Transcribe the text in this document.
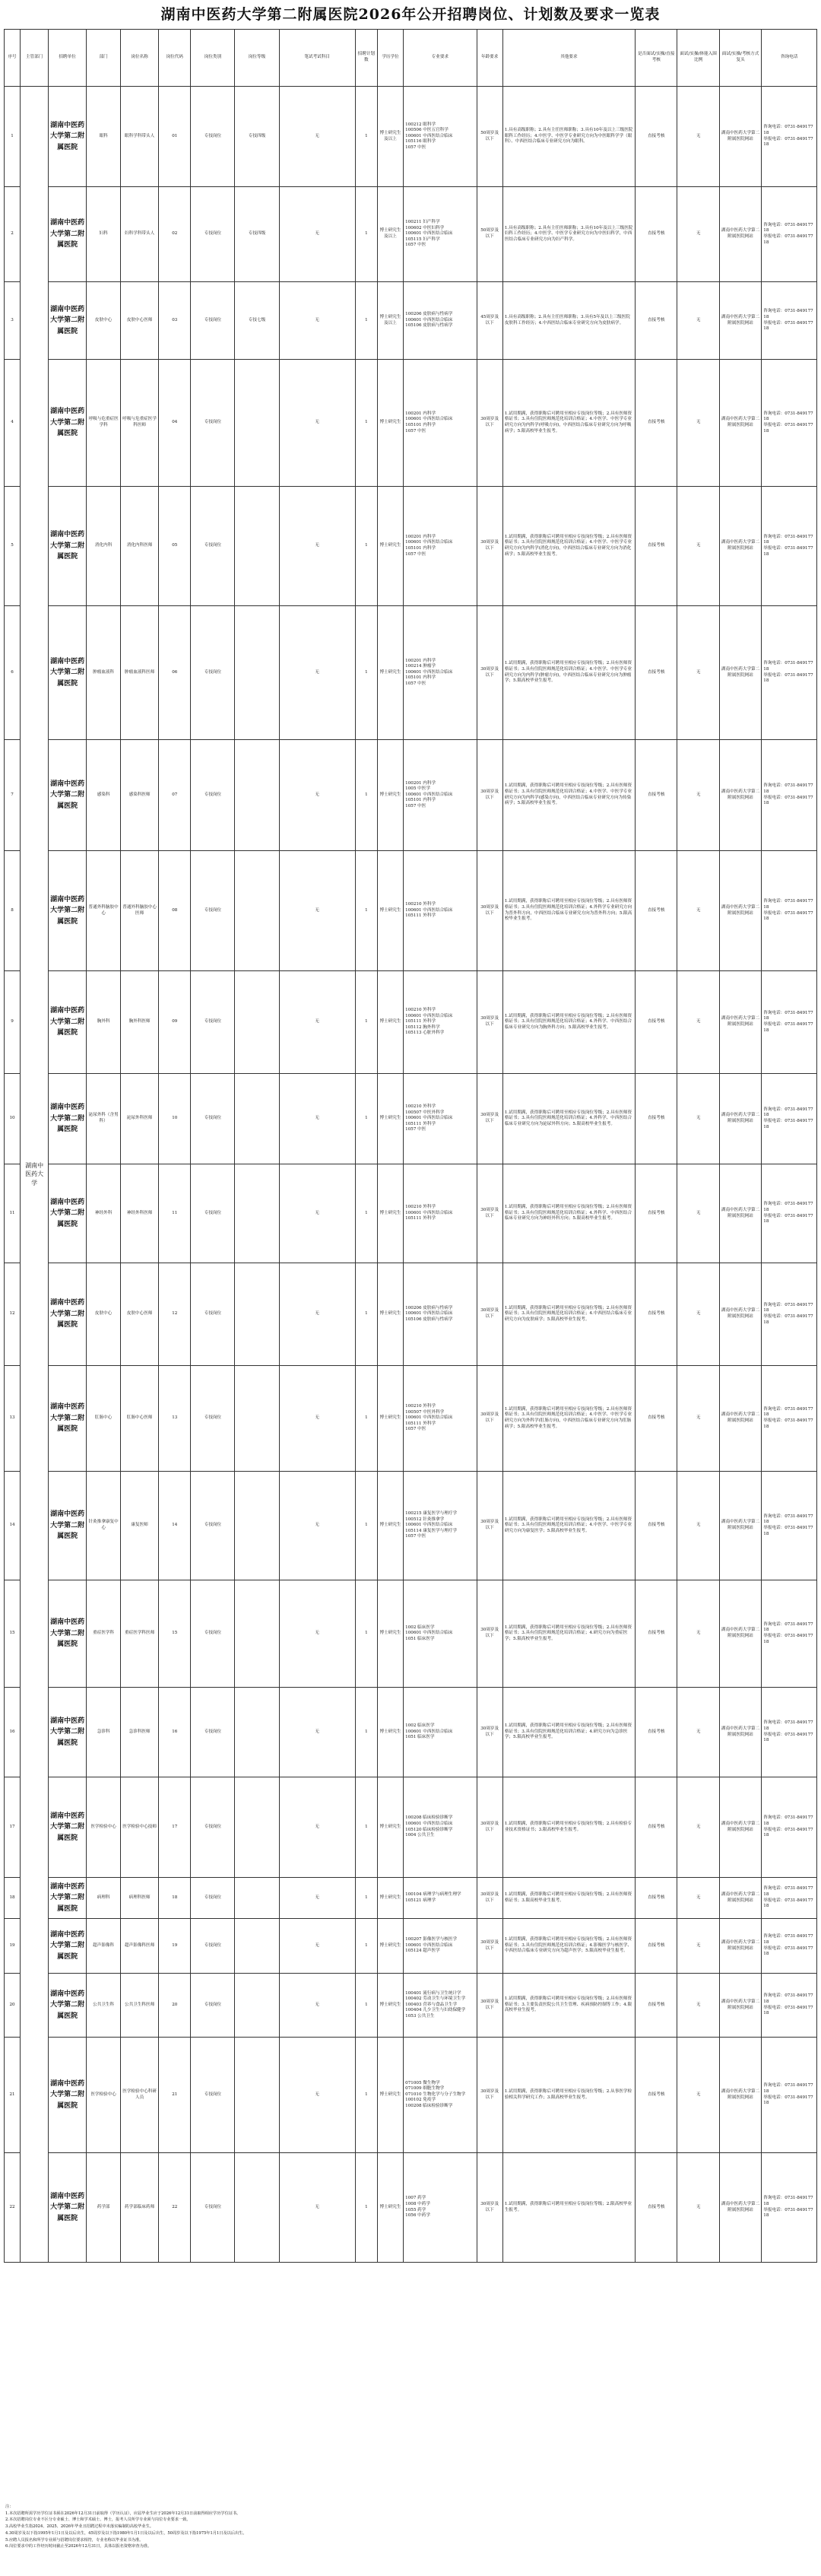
湖南中医药大学第二附属医院2026年公开招聘岗位、计划数及要求一览表
序号	主管部门	招聘单位	部门	岗位名称	岗位代码	岗位类别	岗位等级	笔试考试科目	招聘计划数	学历学位	专业要求	年龄要求	其他要求	是否面试/实操/直接考核	面试/实操/体能入围比例	面试/实操/考核方式复头	咨询电话
1	湖南中医药大学	湖南中医药大学第二附属医院	眼科	眼科学科带头人	01	专技岗位	专技四级	无	1	博士研究生及以上	100212 眼科学
100506 中医五官科学
100601 中西医结合临床
105116 眼科学
1057 中医	50周岁及以下	1.具有高级职称；2.具有主任医师职称；3.具有10年及以上三级医院眼科工作经历；4.中医学、中医学专业研究方向为中医眼科学学（眼科）、中西医结合临床专业研究方向为眼科。	直接考核	无	湖南中医药大学第二附属医院网站	咨询电话：0731-84917718
举报电话：0731-84917718
2		湖南中医药大学第二附属医院	妇科	妇科学科带头人	02	专技岗位	专技四级	无	1	博士研究生及以上	100211 妇产科学
100602 中医妇科学
100601 中西医结合临床
105115 妇产科学
1057 中医	50周岁及以下	1.具有高级职称；2.具有主任医师职称；3.具有10年及以上三级医院妇科工作经历；4.中医学、中医学专业研究方向为中医妇科学，中西医结合临床专业研究方向为妇产科学。	直接考核	无	湖南中医药大学第二附属医院网站	咨询电话：0731-84917718
举报电话：0731-84917718
3		湖南中医药大学第二附属医院	皮肤中心	皮肤中心医师	03	专技岗位	专技七级	无	1	博士研究生及以上	100206 皮肤病与性病学
100601 中西医结合临床
105106 皮肤病与性病学	45周岁及以下	1.具有高级职称；2.具有主任医师职称；3.具有5年及以上三级医院皮肤科工作经历；4.中西医结合临床专业研究方向为皮肤病学。	直接考核	无	湖南中医药大学第二附属医院网站	咨询电话：0731-84917718
举报电话：0731-84917718
4		湖南中医药大学第二附属医院	呼吸与危重症医学科	呼吸与危重症医学科医师	04	专技岗位		无	1	博士研究生	100201 内科学
100601 中西医结合临床
105101 内科学
1057 中医	30周岁及以下	1.试用期满，获得职称后可聘用至相应专技岗位等级；2.具有医师资格证书；3.具有住院医师规范化培训合格证；4.中医学、中医学专业研究方向为内科学(呼吸方向)，中西医结合临床专业研究方向为呼吸病学；5.限高校毕业生报考。	直接考核	无	湖南中医药大学第二附属医院网站	咨询电话：0731-84917718
举报电话：0731-84917718
5		湖南中医药大学第二附属医院	消化内科	消化内科医师	05	专技岗位		无	1	博士研究生	100201 内科学
100601 中西医结合临床
105101 内科学
1057 中医	30周岁及以下	1.试用期满，获得职称后可聘用至相应专技岗位等级；2.具有医师资格证书；3.具有住院医师规范化培训合格证；4.中医学、中医学专业研究方向为内科学(消化方向)，中西医结合临床专业研究方向为消化病学；5.限高校毕业生报考。	直接考核	无	湖南中医药大学第二附属医院网站	咨询电话：0731-84917718
举报电话：0731-84917718
6		湖南中医药大学第二附属医院	肿瘤血液科	肿瘤血液科医师	06	专技岗位		无	1	博士研究生	100201 内科学
100214 肿瘤学
100601 中西医结合临床
105101 内科学
1057 中医	30周岁及以下	1.试用期满，获得职称后可聘用至相应专技岗位等级；2.具有医师资格证书；3.具有住院医师规范化培训合格证；4.中医学、中医学专业研究方向为内科学(肿瘤方向)，中西医结合临床专业研究方向为肿瘤学；5.限高校毕业生报考。	直接考核	无	湖南中医药大学第二附属医院网站	咨询电话：0731-84917718
举报电话：0731-84917718
7		湖南中医药大学第二附属医院	感染科	感染科医师	07	专技岗位		无	1	博士研究生	100201 内科学
1005 中医学
100601 中西医结合临床
105101 内科学
1057 中医	30周岁及以下	1.试用期满，获得职称后可聘用至相应专技岗位等级；2.具有医师资格证书；3.具有住院医师规范化培训合格证；4.中医学、中医学专业研究方向为内科学(感染方向)，中西医结合临床专业研究方向为传染病学；5.限高校毕业生报考。	直接考核	无	湖南中医药大学第二附属医院网站	咨询电话：0731-84917718
举报电话：0731-84917718
8		湖南中医药大学第二附属医院	普通外科脑胶中心	普通外科脑胶中心医师	08	专技岗位		无	1	博士研究生	100210 外科学
100601 中西医结合临床
105111 外科学	30周岁及以下	1.试用期满，获得职称后可聘用至相应专技岗位等级；2.具有医师资格证书；3.具有住院医师规范化培训合格证；4.外科学专业研究方向为普外科方向，中西医结合临床专业研究方向为普外科方向；5.限高校毕业生报考。	直接考核	无	湖南中医药大学第二附属医院网站	咨询电话：0731-84917718
举报电话：0731-84917718
9		湖南中医药大学第二附属医院	胸外科	胸外科医师	09	专技岗位		无	1	博士研究生	100210 外科学
100601 中西医结合临床
105111 外科学
105112 胸外科学
105113 心脏外科学	30周岁及以下	1.试用期满，获得职称后可聘用至相应专技岗位等级；2.具有医师资格证书；3.具有住院医师规范化培训合格证；4.外科学、中西医结合临床专业研究方向为胸外科方向；5.限高校毕业生报考。	直接考核	无	湖南中医药大学第二附属医院网站	咨询电话：0731-84917718
举报电话：0731-84917718
10		湖南中医药大学第二附属医院	泌尿外科（含男科）	泌尿外科医师	10	专技岗位		无	1	博士研究生	100210 外科学
100507 中医外科学
100601 中西医结合临床
105111 外科学
1057 中医	30周岁及以下	1.试用期满，获得职称后可聘用至相应专技岗位等级；2.具有医师资格证书；3.具有住院医师规范化培训合格证；4.外科学、中西医结合临床专业研究方向为泌尿外科方向；5.限高校毕业生报考。	直接考核	无	湖南中医药大学第二附属医院网站	咨询电话：0731-84917718
举报电话：0731-84917718
11		湖南中医药大学第二附属医院	神经外科	神经外科医师	11	专技岗位		无	1	博士研究生	100210 外科学
100601 中西医结合临床
105111 外科学	30周岁及以下	1.试用期满，获得职称后可聘用至相应专技岗位等级；2.具有医师资格证书；3.具有住院医师规范化培训合格证；4.外科学、中西医结合临床专业研究方向为神经外科方向；5.限高校毕业生报考。	直接考核	无	湖南中医药大学第二附属医院网站	咨询电话：0731-84917718
举报电话：0731-84917718
12		湖南中医药大学第二附属医院	皮肤中心	皮肤中心医师	12	专技岗位		无	1	博士研究生	100206 皮肤病与性病学
100601 中西医结合临床
105106 皮肤病与性病学	30周岁及以下	1.试用期满，获得职称后可聘用至相应专技岗位等级；2.具有医师资格证书；3.具有住院医师规范化培训合格证；4.中西医结合临床专业研究方向为皮肤病学；5.限高校毕业生报考。	直接考核	无	湖南中医药大学第二附属医院网站	咨询电话：0731-84917718
举报电话：0731-84917718
13		湖南中医药大学第二附属医院	肛肠中心	肛肠中心医师	13	专技岗位		无	1	博士研究生	100210 外科学
100507 中医外科学
100601 中西医结合临床
105111 外科学
1057 中医	30周岁及以下	1.试用期满，获得职称后可聘用至相应专技岗位等级；2.具有医师资格证书；3.具有住院医师规范化培训合格证；4.中医学、中医学专业研究方向为外科学(肛肠方向)，中西医结合临床专业研究方向为肛肠病学；5.限高校毕业生报考。	直接考核	无	湖南中医药大学第二附属医院网站	咨询电话：0731-84917718
举报电话：0731-84917718
14		湖南中医药大学第二附属医院	针灸推拿康复中心	康复医师	14	专技岗位		无	1	博士研究生	100215 康复医学与理疗学
100512 针灸推拿学
100601 中西医结合临床
105114 康复医学与理疗学
1057 中医	30周岁及以下	1.试用期满，获得职称后可聘用至相应专技岗位等级；2.具有医师资格证书；3.具有住院医师规范化培训合格证；4.中医学、中医学专业研究方向为康复医学；5.限高校毕业生报考。	直接考核	无	湖南中医药大学第二附属医院网站	咨询电话：0731-84917718
举报电话：0731-84917718
15		湖南中医药大学第二附属医院	重症医学科	重症医学科医师	15	专技岗位		无	1	博士研究生	1002 临床医学
100601 中西医结合临床
1051 临床医学	30周岁及以下	1.试用期满，获得职称后可聘用至相应专技岗位等级；2.具有医师资格证书；3.具有住院医师规范化培训合格证；4.研究方向为重症医学；5.限高校毕业生报考。	直接考核	无	湖南中医药大学第二附属医院网站	咨询电话：0731-84917718
举报电话：0731-84917718
16		湖南中医药大学第二附属医院	急诊科	急诊科医师	16	专技岗位		无	1	博士研究生	1002 临床医学
100601 中西医结合临床
1051 临床医学	30周岁及以下	1.试用期满，获得职称后可聘用至相应专技岗位等级；2.具有医师资格证书；3.具有住院医师规范化培训合格证；4.研究方向为急诊医学；5.限高校毕业生报考。	直接考核	无	湖南中医药大学第二附属医院网站	咨询电话：0731-84917718
举报电话：0731-84917718
17		湖南中医药大学第二附属医院	医学检验中心	医学检验中心技师	17	专技岗位		无	1	博士研究生	100208 临床检验诊断学
100601 中西医结合临床
105120 临床检验诊断学
1004 公共卫生	30周岁及以下	1.试用期满，获得职称后可聘用至相应专技岗位等级；2.具有检验专业技术资格证书；3.限高校毕业生报考。	直接考核	无	湖南中医药大学第二附属医院网站	咨询电话：0731-84917718
举报电话：0731-84917718
18		湖南中医药大学第二附属医院	病理科	病理科医师	18	专技岗位		无	1	博士研究生	100104 病理学与病理生理学
105121 病理学	30周岁及以下	1.试用期满，获得职称后可聘用至相应专技岗位等级；2.具有医师资格证书；3.限高校毕业生报考。	直接考核	无	湖南中医药大学第二附属医院网站	咨询电话：0731-84917718
举报电话：0731-84917718
19		湖南中医药大学第二附属医院	超声影像科	超声影像科医师	19	专技岗位		无	1	博士研究生	100207 影像医学与核医学
100601 中西医结合临床
105124 超声医学	30周岁及以下	1.试用期满，获得职称后可聘用至相应专技岗位等级；2.具有医师资格证书；3.具有住院医师规范化培训合格证；4.影像医学与核医学、中西医结合临床专业研究方向为超声医学；5.限高校毕业生报考。	直接考核	无	湖南中医药大学第二附属医院网站	咨询电话：0731-84917718
举报电话：0731-84917718
20		湖南中医药大学第二附属医院	公共卫生科	公共卫生科医师	20	专技岗位		无	1	博士研究生	100401 流行病与卫生统计学
100402 劳动卫生与环境卫生学
100403 营养与食品卫生学
100404 儿少卫生与妇幼保健学
1053 公共卫生	30周岁及以下	1.试用期满，获得职称后可聘用至相应专技岗位等级；2.具有医师资格证书；3.主要负责医院公共卫生管理、疾病预防控制等工作；4.限高校毕业生报考。	直接考核	无	湖南中医药大学第二附属医院网站	咨询电话：0731-84917718
举报电话：0731-84917718
21		湖南中医药大学第二附属医院	医学检验中心	医学检验中心科研人员	21	专技岗位		无	1	博士研究生	071005 微生物学
071009 细胞生物学
071010 生物化学与分子生物学
100102 免疫学
100208 临床检验诊断学	30周岁及以下	1.试用期满，获得职称后可聘用至相应专技岗位等级；2.从事医学检验相关科学研究工作；3.限高校毕业生报考。	直接考核	无	湖南中医药大学第二附属医院网站	咨询电话：0731-84917718
举报电话：0731-84917718
22		湖南中医药大学第二附属医院	药学部	药学部临床药师	22	专技岗位		无	1	博士研究生	1007 药学
1008 中药学
1055 药学
1056 中药学	30周岁及以下	1.试用期满，获得职称后可聘用至相应专技岗位等级；2.限高校毕业生报考。	直接考核	无	湖南中医药大学第二附属医院网站	咨询电话：0731-84917718
举报电话：0731-84917718
注：
1.本次招聘所需学历学位证书须在2026年12月31日前取得（学历认证），应届毕业生应于2026年12月31日前取得相应学历学位证书。
2.本次招聘岗位专业不区分专业硕士、博士和学术硕士、博士，报考人员所学专业须与岗位专业要求一致。
3.高校毕业生指2024、2025、2026年毕业且招聘过程中未落实编制的高校毕业生。
4.30周岁及以下指1995年1月1日及以后出生，45周岁及以下指1980年1月1日及以后出生，50周岁及以下指1975年1月1日及以后出生。
5.应聘人员报名和所学专业须与招聘岗位要求相符，专业名称以毕业证书为准。
6.岗位要求中的工作经历时间截止至2026年12月31日，具体以报名资格审查为准。
